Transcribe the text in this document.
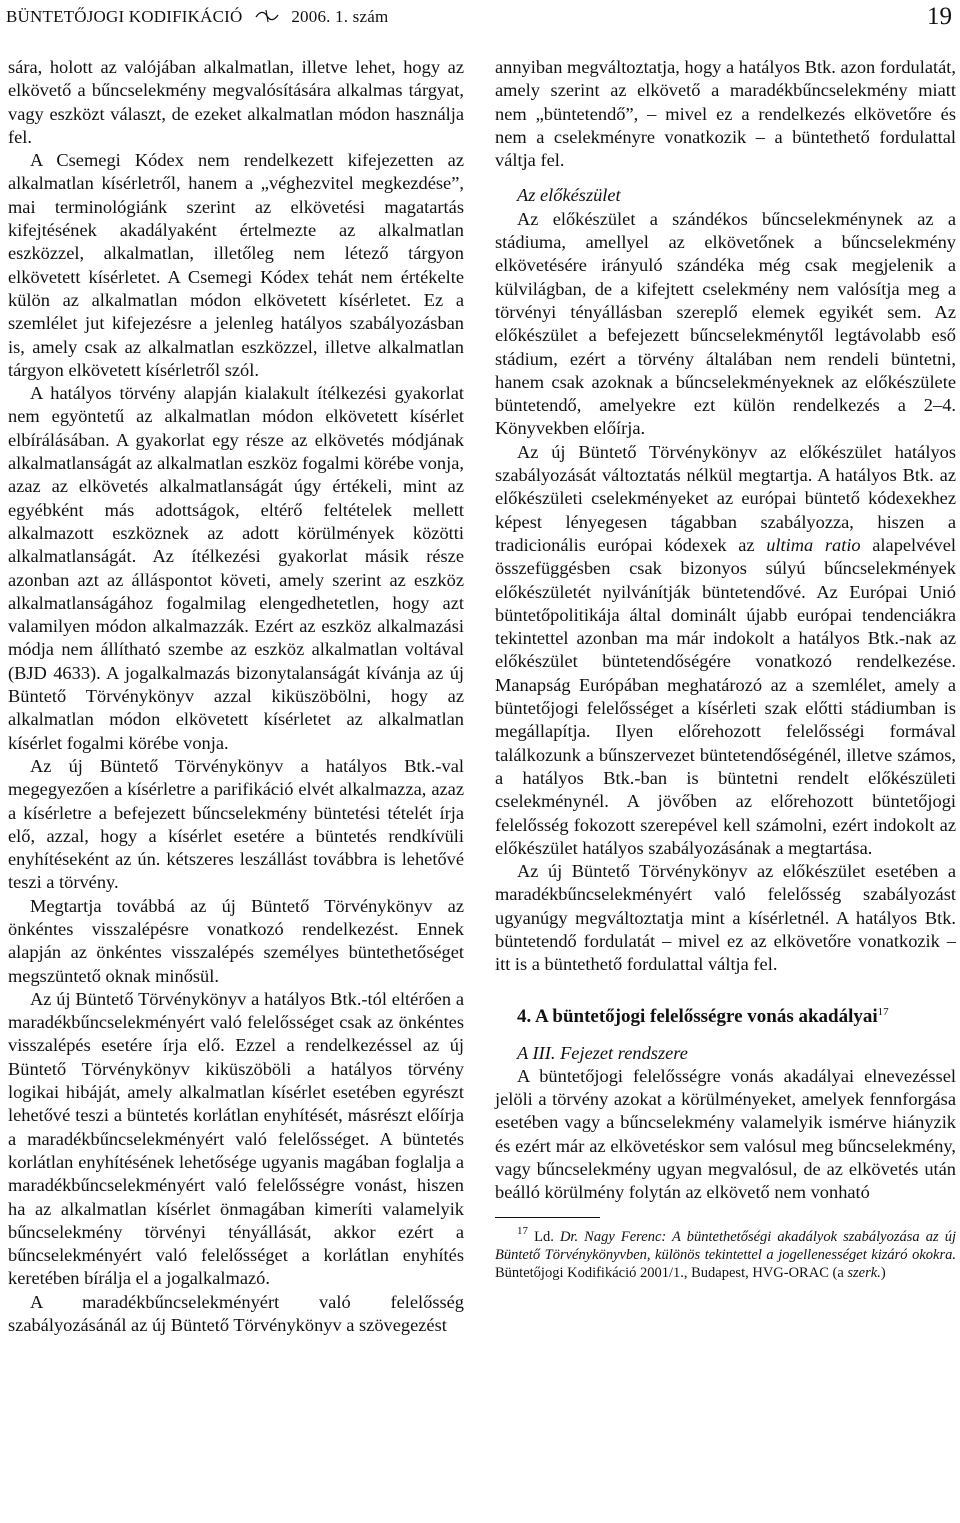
BÜNTETŐJOGI KODIFIKÁCIÓ	2006. 1. szám	19

sára, holott az valójában alkalmatlan, illetve lehet, hogy az elkövető a bűncselekmény megvalósítására alkalmas tárgyat, vagy eszközt választ, de ezeket alkalmatlan módon használja fel.

A Csemegi Kódex nem rendelkezett kifejezetten az alkalmatlan kísérletről, hanem a „véghezvitel megkezdése”, mai terminológiánk szerint az elkövetési magatartás kifejtésének akadályaként értelmezte az alkalmatlan eszközzel, alkalmatlan, illetőleg nem létező tárgyon elkövetett kísérletet. A Csemegi Kódex tehát nem értékelte külön az alkalmatlan módon elkövetett kísérletet. Ez a szemlélet jut kifejezésre a jelenleg hatályos szabályozásban is, amely csak az alkalmatlan eszközzel, illetve alkalmatlan tárgyon elkövetett kísérletről szól.

A hatályos törvény alapján kialakult ítélkezési gyakorlat nem egyöntetű az alkalmatlan módon elkövetett kísérlet elbírálásában. A gyakorlat egy része az elkövetés módjának alkalmatlanságát az alkalmatlan eszköz fogalmi körébe vonja, azaz az elkövetés alkalmatlanságát úgy értékeli, mint az egyébként más adottságok, eltérő feltételek mellett alkalmazott eszköznek az adott körülmények közötti alkalmatlanságát. Az ítélkezési gyakorlat másik része azonban azt az álláspontot követi, amely szerint az eszköz alkalmatlanságához fogalmilag elengedhetetlen, hogy azt valamilyen módon alkalmazzák. Ezért az eszköz alkalmazási módja nem állítható szembe az eszköz alkalmatlan voltával (BJD 4633). A jogalkalmazás bizonytalanságát kívánja az új Büntető Törvénykönyv azzal kiküszöbölni, hogy az alkalmatlan módon elkövetett kísérletet az alkalmatlan kísérlet fogalmi körébe vonja.

Az új Büntető Törvénykönyv a hatályos Btk.-val megegyezően a kísérletre a parifikáció elvét alkalmazza, azaz a kísérletre a befejezett bűncselekmény büntetési tételét írja elő, azzal, hogy a kísérlet esetére a büntetés rendkívüli enyhítéseként az ún. kétszeres leszállást továbbra is lehetővé teszi a törvény.

Megtartja továbbá az új Büntető Törvénykönyv az önkéntes visszalépésre vonatkozó rendelkezést. Ennek alapján az önkéntes visszalépés személyes büntethetőséget megszüntető oknak minősül.

Az új Büntető Törvénykönyv a hatályos Btk.-tól eltérően a maradékbűncselekményért való felelősséget csak az önkéntes visszalépés esetére írja elő. Ezzel a rendelkezéssel az új Büntető Törvénykönyv kiküszöböli a hatályos törvény logikai hibáját, amely alkalmatlan kísérlet esetében egyrészt lehetővé teszi a büntetés korlátlan enyhítését, másrészt előírja a maradékbűncselekményért való felelősséget. A büntetés korlátlan enyhítésének lehetősége ugyanis magában foglalja a maradékbűncselekményért való felelősségre vonást, hiszen ha az alkalmatlan kísérlet önmagában kimeríti valamelyik bűncselekmény törvényi tényállását, akkor ezért a bűncselekményért való felelősséget a korlátlan enyhítés keretében bírálja el a jogalkalmazó.

A maradékbűncselekményért való felelősség szabályozásánál az új Büntető Törvénykönyv a szövegezést

annyiban megváltoztatja, hogy a hatályos Btk. azon fordulatát, amely szerint az elkövető a maradékbűncselekmény miatt nem „büntetendő”, – mivel ez a rendelkezés elkövetőre és nem a cselekményre vonatkozik – a büntethető fordulattal váltja fel.

Az előkészület

Az előkészület a szándékos bűncselekménynek az a stádiuma, amellyel az elkövetőnek a bűncselekmény elkövetésére irányuló szándéka még csak megjelenik a külvilágban, de a kifejtett cselekmény nem valósítja meg a törvényi tényállásban szereplő elemek egyikét sem. Az előkészület a befejezett bűncselekménytől legtávolabb eső stádium, ezért a törvény általában nem rendeli büntetni, hanem csak azoknak a bűncselekményeknek az előkészülete büntetendő, amelyekre ezt külön rendelkezés a 2–4. Könyvekben előírja.

Az új Büntető Törvénykönyv az előkészület hatályos szabályozását változtatás nélkül megtartja. A hatályos Btk. az előkészületi cselekményeket az európai büntető kódexekhez képest lényegesen tágabban szabályozza, hiszen a tradicionális európai kódexek az ultima ratio alapelvével összefüggésben csak bizonyos súlyú bűncselekmények előkészületét nyilvánítják büntetendővé. Az Európai Unió büntetőpolitikája által dominált újabb európai tendenciákra tekintettel azonban ma már indokolt a hatályos Btk.-nak az előkészület büntetendőségére vonatkozó rendelkezése. Manapság Európában meghatározó az a szemlélet, amely a büntetőjogi felelősséget a kísérleti szak előtti stádiumban is megállapítja. Ilyen előrehozott felelősségi formával találkozunk a bűnszervezet büntetendőségénél, illetve számos, a hatályos Btk.-ban is büntetni rendelt előkészületi cselekménynél. A jövőben az előrehozott büntetőjogi felelősség fokozott szerepével kell számolni, ezért indokolt az előkészület hatályos szabályozásának a megtartása.

Az új Büntető Törvénykönyv az előkészület esetében a maradékbűncselekményért való felelősség szabályozást ugyanúgy megváltoztatja mint a kísérletnél. A hatályos Btk. büntetendő fordulatát – mivel ez az elkövetőre vonatkozik – itt is a büntethető fordulattal váltja fel.

4. A büntetőjogi felelősségre vonás akadályai$^{17}$

A III. Fejezet rendszere

A büntetőjogi felelősségre vonás akadályai elnevezéssel jelöli a törvény azokat a körülményeket, amelyek fennforgása esetében vagy a bűncselekmény valamelyik ismérve hiányzik és ezért már az elkövetéskor sem valósul meg bűncselekmény, vagy bűncselekmény ugyan megvalósul, de az elkövetés után beálló körülmény folytán az elkövető nem vonható

$^{17}$ Ld. Dr. Nagy Ferenc: A büntethetőségi akadályok szabályozása az új Büntető Törvénykönyvben, különös tekintettel a jogellenességet kizáró okokra. Büntetőjogi Kodifikáció 2001/1., Budapest, HVG-ORAC (a szerk.)
